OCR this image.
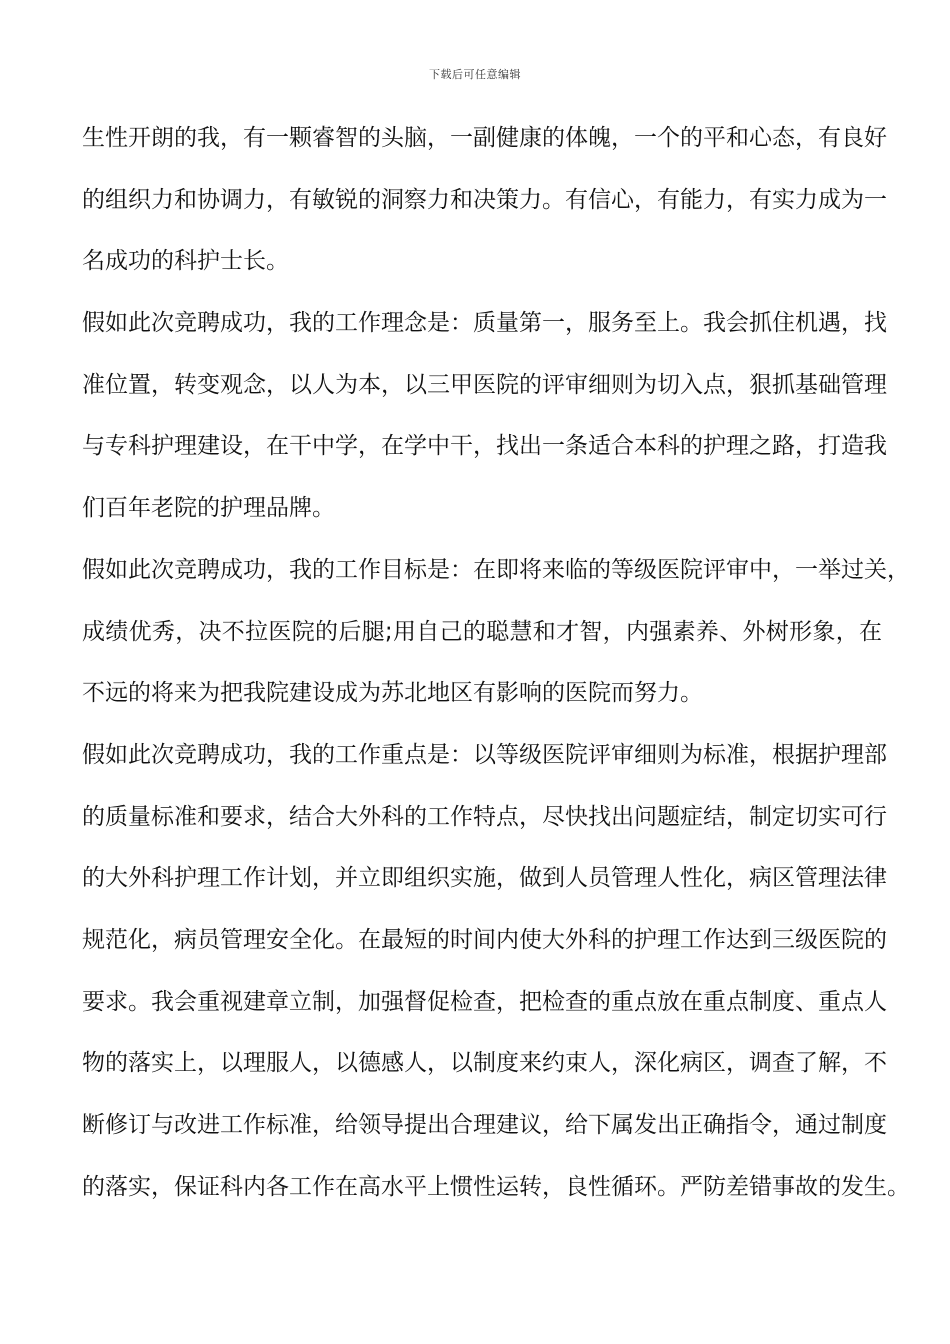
下载后可任意编辑
生性开朗的我，有一颗睿智的头脑，一副健康的体魄，一个的平和心态，有良好
的组织力和协调力，有敏锐的洞察力和决策力。有信心，有能力，有实力成为一
名成功的科护士长。
假如此次竞聘成功，我的工作理念是：质量第一，服务至上。我会抓住机遇，找
准位置，转变观念，以人为本，以三甲医院的评审细则为切入点，狠抓基础管理
与专科护理建设，在干中学，在学中干，找出一条适合本科的护理之路，打造我
们百年老院的护理品牌。
假如此次竞聘成功，我的工作目标是：在即将来临的等级医院评审中，一举过关，
成绩优秀，决不拉医院的后腿;用自己的聪慧和才智，内强素养、外树形象，在
不远的将来为把我院建设成为苏北地区有影响的医院而努力。
假如此次竞聘成功，我的工作重点是：以等级医院评审细则为标准，根据护理部
的质量标准和要求，结合大外科的工作特点，尽快找出问题症结，制定切实可行
的大外科护理工作计划，并立即组织实施，做到人员管理人性化，病区管理法律
规范化，病员管理安全化。在最短的时间内使大外科的护理工作达到三级医院的
要求。我会重视建章立制，加强督促检查，把检查的重点放在重点制度、重点人
物的落实上，以理服人，以德感人，以制度来约束人，深化病区，调查了解，不
断修订与改进工作标准，给领导提出合理建议，给下属发出正确指令，通过制度
的落实，保证科内各工作在高水平上惯性运转，良性循环。严防差错事故的发生。
